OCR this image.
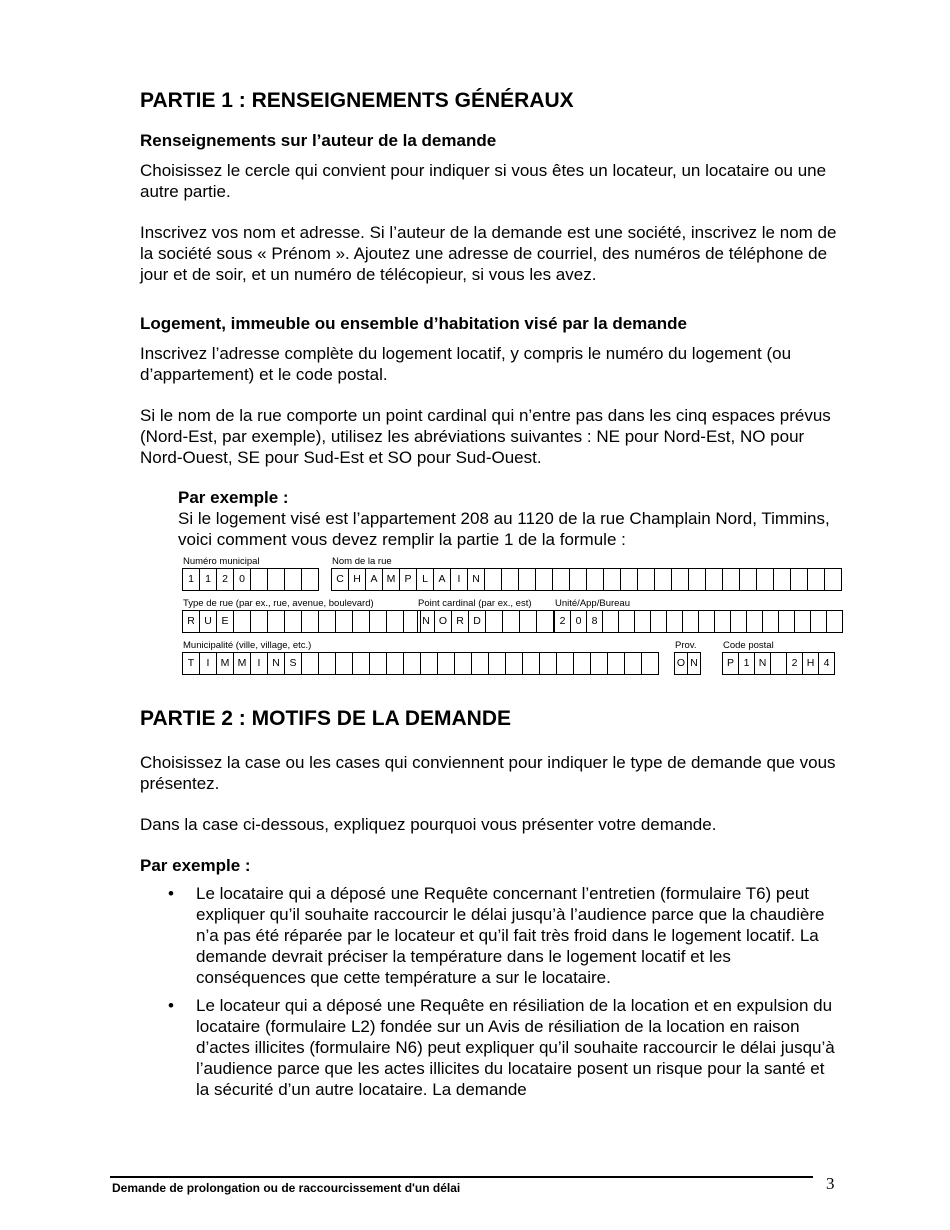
PARTIE 1 : RENSEIGNEMENTS GÉNÉRAUX
Renseignements sur l’auteur de la demande

Choisissez le cercle qui convient pour indiquer si vous êtes un locateur, un locataire ou une autre partie.

Inscrivez vos nom et adresse. Si l’auteur de la demande est une société, inscrivez le nom de la société sous « Prénom ». Ajoutez une adresse de courriel, des numéros de téléphone de jour et de soir, et un numéro de télécopieur, si vous les avez.

Logement, immeuble ou ensemble d’habitation visé par la demande

Inscrivez l’adresse complète du logement locatif, y compris le numéro du logement (ou d’appartement) et le code postal.

Si le nom de la rue comporte un point cardinal qui n’entre pas dans les cinq espaces prévus (Nord-Est, par exemple), utilisez les abréviations suivantes : NE pour Nord-Est, NO pour Nord-Ouest, SE pour Sud-Est et SO pour Sud-Ouest.

Par exemple :

Si le logement visé est l’appartement 208 au 1120 de la rue Champlain Nord, Timmins, voici comment vous devez remplir la partie 1 de la formule :

Numéro municipal
1	1	2	0
Nom de la rue
C H A M P	L	A	I	N
Type de rue (par ex., rue, avenue, boulevard)
R U E
Point cardinal (par ex., est)
N O R D
Unité/App/Bureau
2 0 8
Municipalité (ville, village, etc.)
T	I	M M	I	N S
Prov.
O N
Code postal
P 1 N	2 H 4
PARTIE 2 : MOTIFS DE LA DEMANDE

Choisissez la case ou les cases qui conviennent pour indiquer le type de demande que vous présentez.

Dans la case ci-dessous, expliquez pourquoi vous présenter votre demande.

Par exemple :
• Le locataire qui a déposé une Requête concernant l’entretien (formulaire T6) peut expliquer qu’il souhaite raccourcir le délai jusqu’à l’audience parce que la chaudière n’a pas été réparée par le locateur et qu’il fait très froid dans le logement locatif. La demande devrait préciser la température dans le logement locatif et les conséquences que cette température a sur le locataire.
• Le locateur qui a déposé une Requête en résiliation de la location et en expulsion du locataire (formulaire L2) fondée sur un Avis de résiliation de la location en raison d’actes illicites (formulaire N6) peut expliquer qu’il souhaite raccourcir le délai jusqu’à l’audience parce que les actes illicites du locataire posent un risque pour la santé et la sécurité d’un autre locataire. La demande
Demande de prolongation ou de raccourcissement d'un délai	3
